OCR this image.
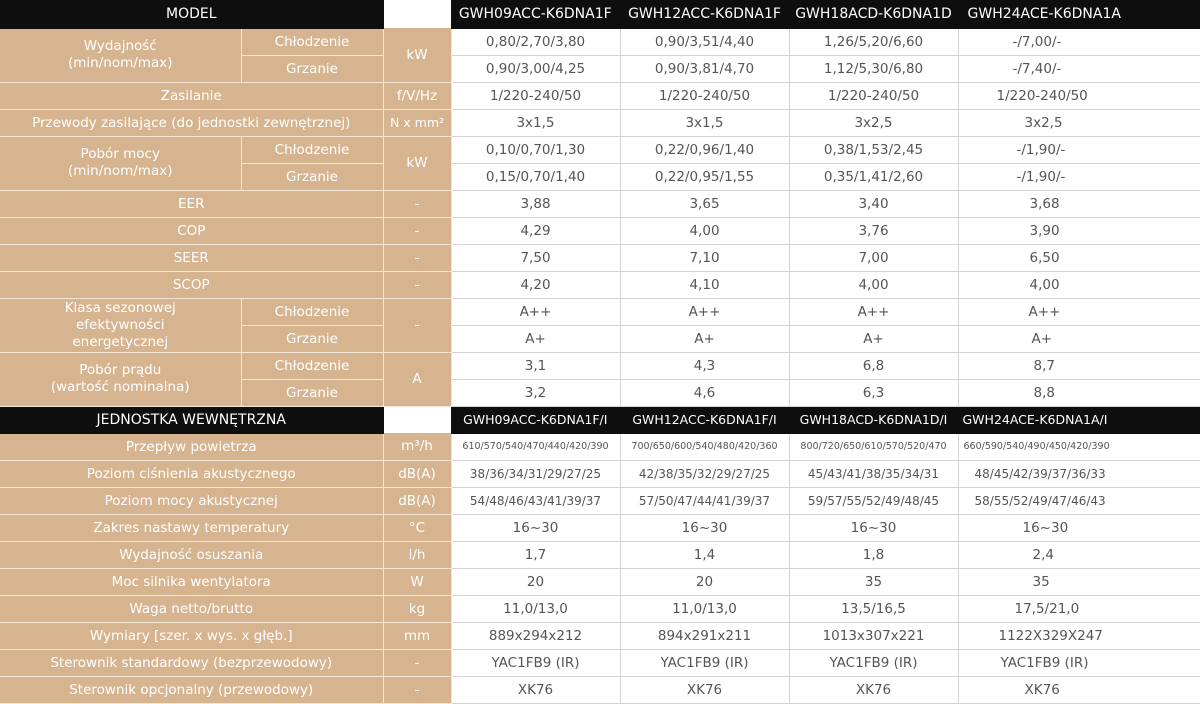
MODEL			GWH09ACC-K6DNA1F	GWH12ACC-K6DNA1F	GWH18ACD-K6DNA1D	GWH24ACE-K6DNA1A
Wydajność
(min/nom/max)	Chłodzenie	kW	0,80/2,70/3,80	0,90/3,51/4,40	1,26/5,20/6,60	-/7,00/-
	Grzanie		0,90/3,00/4,25	0,90/3,81/4,70	1,12/5,30/6,80	-/7,40/-
Zasilanie		f/V/Hz	1/220-240/50	1/220-240/50	1/220-240/50	1/220-240/50
Przewody zasilające (do jednostki zewnętrznej)		N x mm²	3x1,5	3x1,5	3x2,5	3x2,5
Pobór mocy
(min/nom/max)	Chłodzenie	kW	0,10/0,70/1,30	0,22/0,96/1,40	0,38/1,53/2,45	-/1,90/-
	Grzanie		0,15/0,70/1,40	0,22/0,95/1,55	0,35/1,41/2,60	-/1,90/-
EER		-	3,88	3,65	3,40	3,68
COP		-	4,29	4,00	3,76	3,90
SEER		-	7,50	7,10	7,00	6,50
SCOP		-	4,20	4,10	4,00	4,00
Klasa sezonowej
efektywności
energetycznej	Chłodzenie	-	A++	A++	A++	A++
	Grzanie		A+	A+	A+	A+
Pobór prądu
(wartość nominalna)	Chłodzenie	A	3,1	4,3	6,8	8,7
	Grzanie		3,2	4,6	6,3	8,8
JEDNOSTKA WEWNĘTRZNA			GWH09ACC-K6DNA1F/I	GWH12ACC-K6DNA1F/I	GWH18ACD-K6DNA1D/I	GWH24ACE-K6DNA1A/I
Przepływ powietrza		m³/h	610/570/540/470/440/420/390	700/650/600/540/480/420/360	800/720/650/610/570/520/470	660/590/540/490/450/420/390
Poziom ciśnienia akustycznego		dB(A)	38/36/34/31/29/27/25	42/38/35/32/29/27/25	45/43/41/38/35/34/31	48/45/42/39/37/36/33
Poziom mocy akustycznej		dB(A)	54/48/46/43/41/39/37	57/50/47/44/41/39/37	59/57/55/52/49/48/45	58/55/52/49/47/46/43
Zakres nastawy temperatury		°C	16~30	16~30	16~30	16~30
Wydajność osuszania		l/h	1,7	1,4	1,8	2,4
Moc silnika wentylatora		W	20	20	35	35
Waga netto/brutto		kg	11,0/13,0	11,0/13,0	13,5/16,5	17,5/21,0
Wymiary [szer. x wys. x głęb.]		mm	889x294x212	894x291x211	1013x307x221	1122X329X247
Sterownik standardowy (bezprzewodowy)		-	YAC1FB9 (IR)	YAC1FB9 (IR)	YAC1FB9 (IR)	YAC1FB9 (IR)
Sterownik opcjonalny (przewodowy)		-	XK76	XK76	XK76	XK76
